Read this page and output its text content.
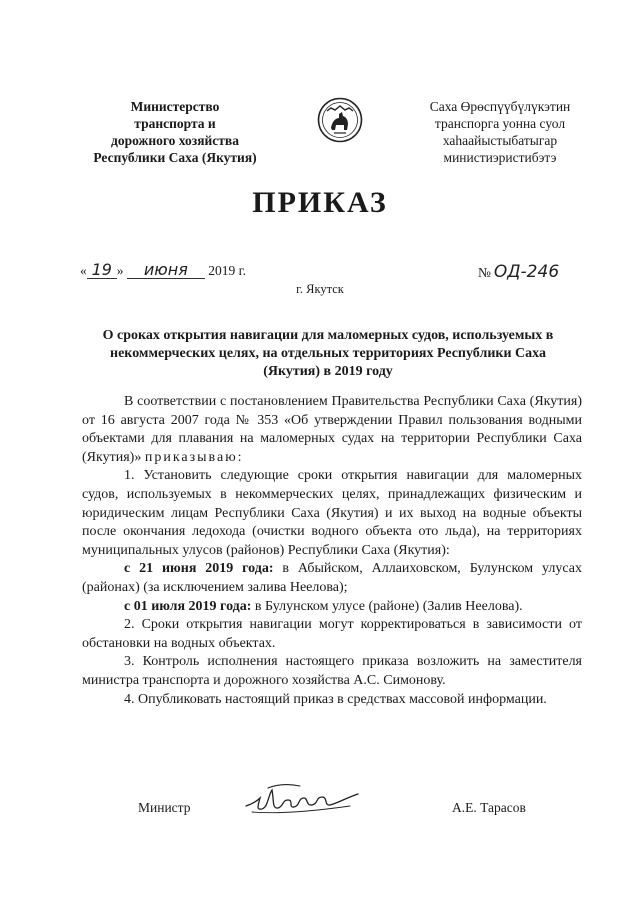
Министерство
транспорта и
дорожного хозяйства
Республики Саха (Якутия)
Саха Өрөспүүбүлүкэтин
транспорга уонна суол
хаһаайыстыбатыгар
министиэристибэтэ
ПРИКАЗ
« 19 » июня 2019 г.	№ ОД-246
г. Якутск
О сроках открытия навигации для маломерных судов, используемых в некоммерческих целях, на отдельных территориях Республики Саха (Якутия) в 2019 году

В соответствии с постановлением Правительства Республики Саха (Якутия) от 16 августа 2007 года № 353 «Об утверждении Правил пользования водными объектами для плавания на маломерных судах на территории Республики Саха (Якутия)» приказываю:

1. Установить следующие сроки открытия навигации для маломерных судов, используемых в некоммерческих целях, принадлежащих физическим и юридическим лицам Республики Саха (Якутия) и их выход на водные объекты после окончания ледохода (очистки водного объекта ото льда), на территориях муниципальных улусов (районов) Республики Саха (Якутия):

с 21 июня 2019 года: в Абыйском, Аллаиховском, Булунском улусах (районах) (за исключением залива Неелова);

с 01 июля 2019 года: в Булунском улусе (районе) (Залив Неелова).

2. Сроки открытия навигации могут корректироваться в зависимости от обстановки на водных объектах.

3. Контроль исполнения настоящего приказа возложить на заместителя министра транспорта и дорожного хозяйства А.С. Симонову.

4. Опубликовать настоящий приказ в средствах массовой информации.

Министр	А.Е. Тарасов
